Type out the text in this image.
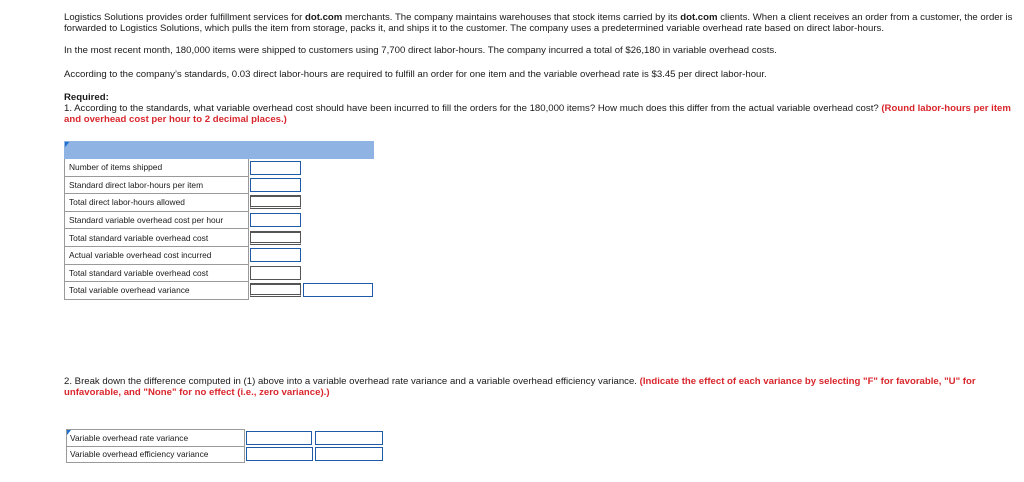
Logistics Solutions provides order fulfillment services for dot.com merchants. The company maintains warehouses that stock items carried by its dot.com clients. When a client receives an order from a customer, the order is forwarded to Logistics Solutions, which pulls the item from storage, packs it, and ships it to the customer. The company uses a predetermined variable overhead rate based on direct labor-hours.
In the most recent month, 180,000 items were shipped to customers using 7,700 direct labor-hours. The company incurred a total of $26,180 in variable overhead costs.
According to the company’s standards, 0.03 direct labor-hours are required to fulfill an order for one item and the variable overhead rate is $3.45 per direct labor-hour.
Required:
1. According to the standards, what variable overhead cost should have been incurred to fill the orders for the 180,000 items? How much does this differ from the actual variable overhead cost? (Round labor-hours per item and overhead cost per hour to 2 decimal places.)

Number of items shipped	

Standard direct labor-hours per item	

Total direct labor-hours allowed	

Standard variable overhead cost per hour	

Total standard variable overhead cost	

Actual variable overhead cost incurred	

Total standard variable overhead cost	

Total variable overhead variance	

2. Break down the difference computed in (1) above into a variable overhead rate variance and a variable overhead efficiency variance. (Indicate the effect of each variance by selecting "F" for favorable, "U" for unfavorable, and "None" for no effect (i.e., zero variance).)
Variable overhead rate variance	

Variable overhead efficiency variance	
